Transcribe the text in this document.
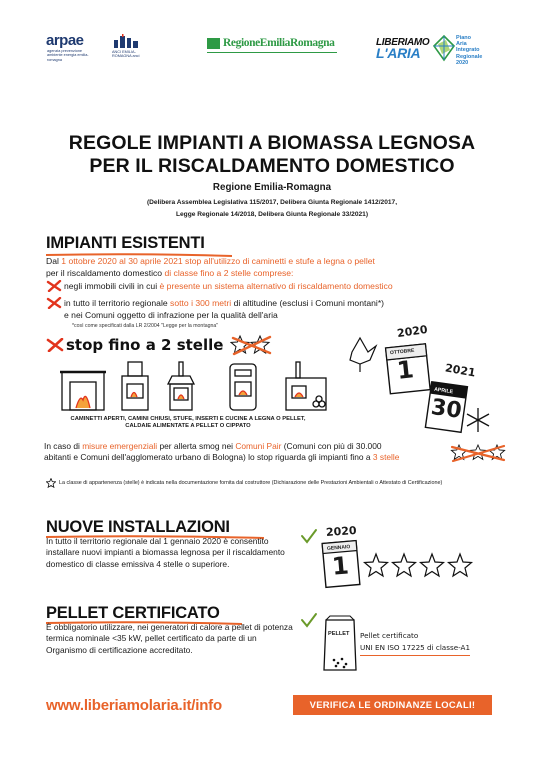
arpae
agenzia prevenzione ambiente energia emilia-romagna
ANCI EMILIA-ROMAGNA anci
RegioneEmiliaRomagna	LIBERIAMO
L'ARIA
Piano
Aria
Integrato
Regionale
2020
REGOLE IMPIANTI A BIOMASSA LEGNOSA
PER IL RISCALDAMENTO DOMESTICO
Regione Emilia-Romagna
(Delibera Assemblea Legislativa 115/2017, Delibera Giunta Regionale 1412/2017,
Legge Regionale 14/2018, Delibera Giunta Regionale 33/2021)
IMPIANTI ESISTENTI
Dal 1 ottobre 2020 al 30 aprile 2021 stop all'utilizzo di caminetti e stufe a legna o pellet
per il riscaldamento domestico di classe fino a 2 stelle comprese:
negli immobili civili in cui è presente un sistema alternativo di riscaldamento domestico
in tutto il territorio regionale sotto i 300 metri di altitudine (esclusi i Comuni montani*)
e nei Comuni oggetto di infrazione per la qualità dell'aria
*così come specificati dalla LR 2/2004 "Legge per la montagna"
stop fino a 2 stelle
CAMINETTI APERTI, CAMINI CHIUSI, STUFE, INSERTI E CUCINE A LEGNA O PELLET,
CALDAIE ALIMENTATE A PELLET O CIPPATO
2020
OTTOBRE
1	2021
APRILE
30
In caso di misure emergenziali per allerta smog nei Comuni Pair (Comuni con più di 30.000
abitanti e Comuni dell'agglomerato urbano di Bologna) lo stop riguarda gli impianti fino a 3 stelle
La classe di appartenenza (stelle) è indicata nella documentazione fornita dal costruttore (Dichiarazione delle Prestazioni Ambientali o Attestato di Certificazione)
NUOVE INSTALLAZIONI
In tutto il territorio regionale dal 1 gennaio 2020 è consentito installare nuovi impianti a biomassa legnosa per il riscaldamento domestico di classe emissiva 4 stelle o superiore.
2020
GENNAIO
1
PELLET CERTIFICATO
È obbligatorio utilizzare, nei generatori di calore a pellet di potenza termica nominale <35 kW, pellet certificato da parte di un Organismo di certificazione accreditato.
PELLET Pellet certificato
UNI EN ISO 17225 di classe-A1
www.liberiamolaria.it/info	VERIFICA LE ORDINANZE LOCALI!
